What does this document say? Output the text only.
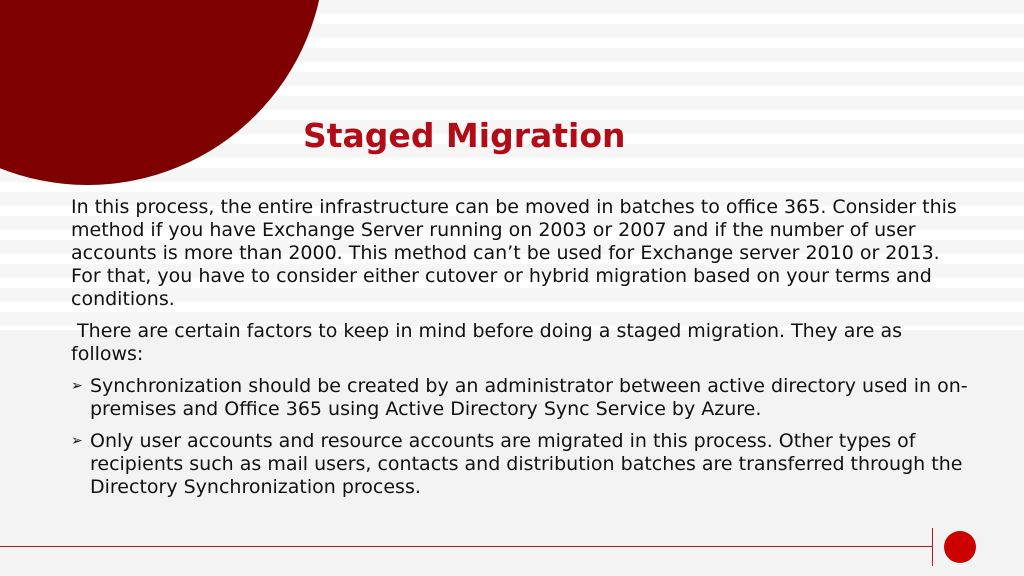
Staged Migration

In this process, the entire infrastructure can be moved in batches to office 365. Consider this method if you have Exchange Server running on 2003 or 2007 and if the number of user accounts is more than 2000. This method can’t be used for Exchange server 2010 or 2013. For that, you have to consider either cutover or hybrid migration based on your terms and conditions.

There are certain factors to keep in mind before doing a staged migration. They are as follows:

➢ Synchronization should be created by an administrator between active directory used in on-premises and Office 365 using Active Directory Sync Service by Azure.
➢ Only user accounts and resource accounts are migrated in this process. Other types of recipients such as mail users, contacts and distribution batches are transferred through the Directory Synchronization process.
